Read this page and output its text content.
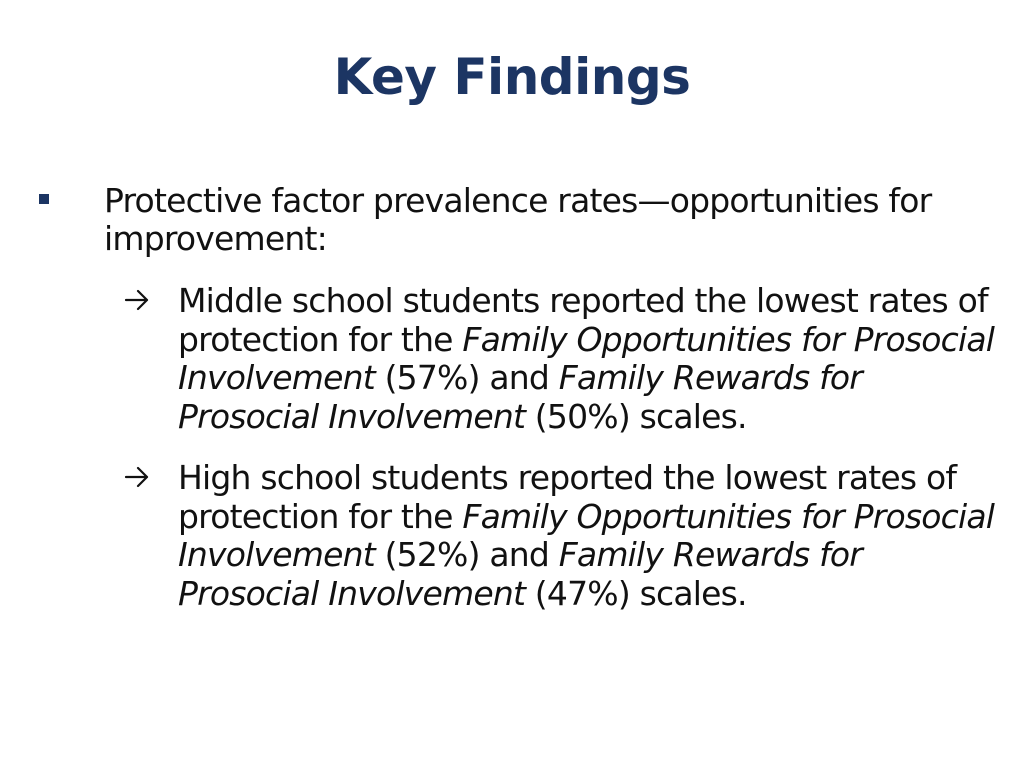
Key Findings
Protective factor prevalence rates—opportunities for improvement:
Middle school students reported the lowest rates of protection for the Family Opportunities for Prosocial Involvement (57%) and Family Rewards for Prosocial Involvement (50%) scales.
High school students reported the lowest rates of protection for the Family Opportunities for Prosocial Involvement (52%) and Family Rewards for Prosocial Involvement (47%) scales.
